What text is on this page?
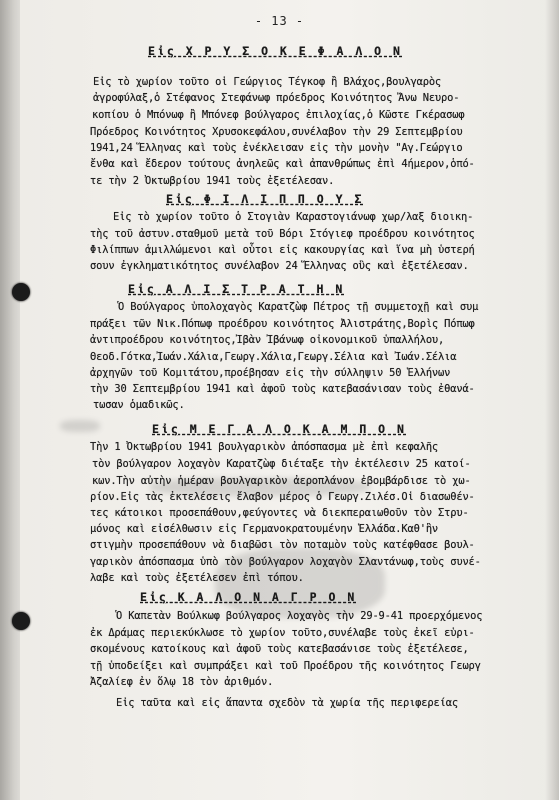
- 13 -
Εἰς Χ Ρ Υ Σ Ο Κ Ε Φ Α Λ Ο Ν
Εἰς τὸ χωρίον τοῦτο οἱ Γεώργιος Τέγκοφ ἢ Βλάχος,βουλγαρὸς
ἀγροφύλαξ,ὁ Στέφανος Στεφάνωφ πρόεδρος Κοινότητος Ἄνω Νευρο-
κοπίου ὁ Μπόνωφ ἢ Μπόνεφ βούλγαρος ἐπιλοχίας,ὁ Κῶστε Γκέρασωφ
Πρόεδρος Κοινότητος Χρυσοκεφάλου,συνέλαβον τὴν 29 Σεπτεμβρίου
1941,24 Ἕλληνας καὶ τοὺς ἐνέκλεισαν εἰς τὴν μονὴν "Αγ.Γεώργιο
ἔνθα καὶ ἔδερον τούτους ἀνηλεῶς καὶ ἀπανθρώπως ἐπὶ 4ήμερον,ὁπό-
τε τὴν 2 Ὀκτωβρίου 1941 τοὺς ἐξετέλεσαν.
Εἰς Φ Ι Λ Ι Π Π Ο Υ Σ
Εἰς τὸ χωρίον τοῦτο ὁ Στογιὰν Καραστογιάνωφ χωρ/λαξ διοικη-
τὴς τοῦ ἀστυν.σταθμοῦ μετὰ τοῦ Βόρι Στόγιεφ προέδρου κοινότητος
Φιλίππων ἁμιλλώμενοι καὶ οὗτοι εἰς κακουργίας καὶ ἵνα μὴ ὑστερή
σουν ἐγκληματικότητος συνέλαβον 24 Ἕλληνας οὓς καὶ ἐξετέλεσαν.
Εἰς Α Λ Ι Σ Τ Ρ Α Τ Η Ν
Ὁ Βούλγαρος ὑπολοχαγὸς Καρατζὼφ Πέτρος τῇ συμμετοχῇ καὶ συμ
πράξει τῶν Νικ.Πόπωφ προέδρου κοινότητος Ἀλιστράτης,Βορὶς Πόπωφ
ἀντιπροέδρου κοινότητος,Ἰβὰν Ἰβάνωφ οἰκονομικοῦ ὑπαλλήλου,
Θεοδ.Γότκα,Ἰωάν.Χάλια,Γεωργ.Χάλια,Γεωργ.Σέλια καὶ Ἰωάν.Σέλια
ἀρχηγῶν τοῦ Κομιτάτου,προέβησαν εἰς τὴν σύλληψιν 50 Ἑλλήνων
τὴν 30 Σεπτεμβρίου 1941 καὶ ἀφοῦ τοὺς κατεβασάνισαν τοὺς ἐθανά-
τωσαν ὁμαδικῶς.
Εἰς Μ Ε Γ Α Λ Ο Κ Α Μ Π Ο Ν
Τὴν 1 Ὀκτωβρίου 1941 βουλγαρικὸν ἀπόσπασμα μὲ ἐπὶ κεφαλῆς
τὸν βούλγαρον λοχαγὸν Καρατζὼφ διέταξε τὴν ἐκτέλεσιν 25 κατοί-
κων.Τὴν αὐτὴν ἡμέραν βουλγαρικὸν ἀεροπλάνον ἐβομβάρδισε τὸ χω-
ρίον.Εἰς τὰς ἐκτελέσεις ἔλαβον μέρος ὁ Γεωργ.Ζιλέσ.Οἱ διασωθέν-
τες κάτοικοι προσεπάθουν,φεύγοντες νὰ διεκπεραιωθοῦν τὸν Στρυ-
μόνος καὶ εἰσέλθωσιν εἰς Γερμανοκρατουμένην Ἑλλάδα.Καθ'ἣν
στιγμὴν προσεπάθουν νὰ διαβῶσι τὸν ποταμὸν τοὺς κατέφθασε βουλ-
γαρικὸν ἀπόσπασμα ὑπὸ τὸν βούλγαρον λοχαγὸν Σλαντάνωφ,τοὺς συνέ-
λαβε καὶ τοὺς ἐξετέλεσεν ἐπὶ τόπου.
Εἰς Κ Α Λ Ο Ν Α Γ Ρ Ο Ν
Ὁ Καπετὰν Βούλκωφ βούλγαρος λοχαγὸς τὴν 29-9-41 προερχόμενος
ἐκ Δράμας περιεκύκλωσε τὸ χωρίον τοῦτο,συνέλαβε τοὺς ἐκεῖ εὑρι-
σκομένους κατοίκους καὶ ἀφοῦ τοὺς κατεβασάνισε τοὺς ἐξετέλεσε,
τῇ ὑποδείξει καὶ συμπράξει καὶ τοῦ Προέδρου τῆς κοινότητος Γεωργ
Ἀζαλίεφ ἐν ὅλῳ 18 τὸν ἀριθμόν.
Εἰς ταῦτα καὶ εἰς ἅπαντα σχεδὸν τὰ χωρία τῆς περιφερείας
